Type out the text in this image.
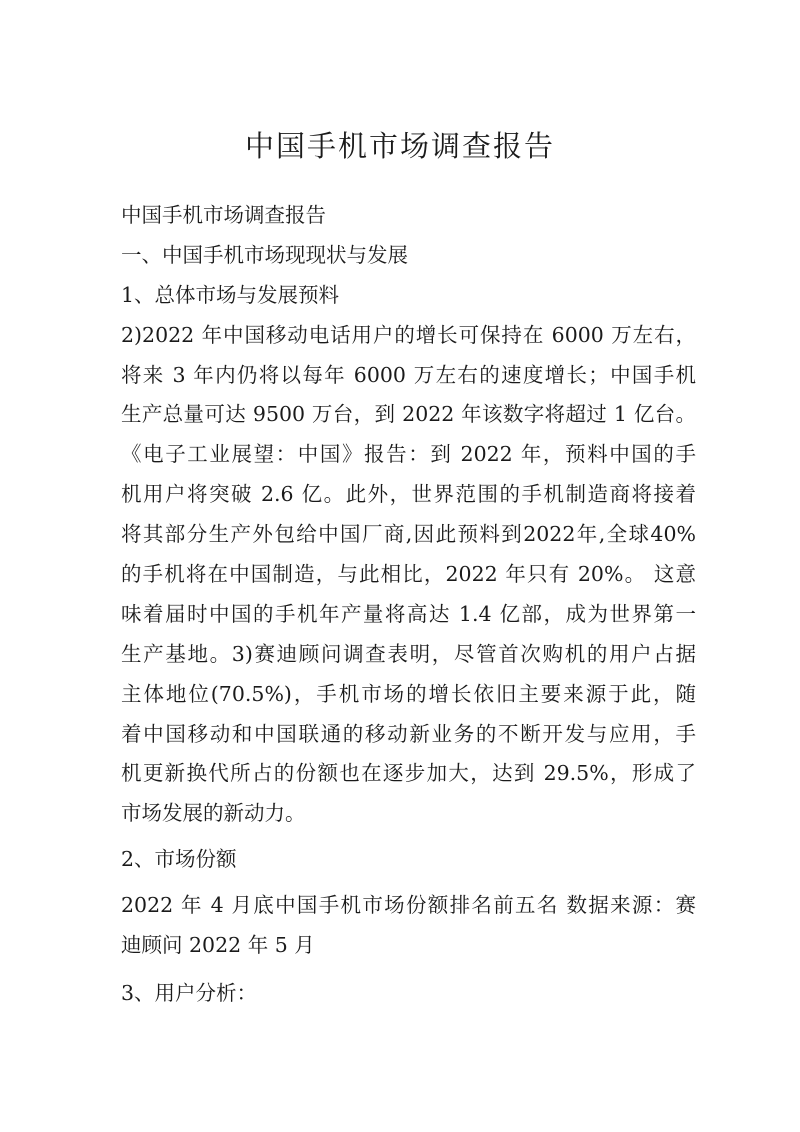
中国手机市场调查报告

中国手机市场调查报告

一、中国手机市场现现状与发展

1、总体市场与发展预料

2)2022 年中国移动电话用户的增长可保持在 6000 万左右，

将来 3 年内仍将以每年 6000 万左右的速度增长；中国手机

生产总量可达 9500 万台，到 2022 年该数字将超过 1 亿台。

《电子工业展望：中国》报告：到 2022 年，预料中国的手

机用户将突破 2.6 亿。此外，世界范围的手机制造商将接着

将其部分生产外包给中国厂商,因此预料到2022年,全球40%

的手机将在中国制造，与此相比，2022 年只有 20%。 这意

味着届时中国的手机年产量将高达 1.4 亿部，成为世界第一

生产基地。3)赛迪顾问调查表明，尽管首次购机的用户占据

主体地位(70.5%)，手机市场的增长依旧主要来源于此，随

着中国移动和中国联通的移动新业务的不断开发与应用，手

机更新换代所占的份额也在逐步加大，达到 29.5%，形成了

市场发展的新动力。

2、市场份额

2022 年 4 月底中国手机市场份额排名前五名 数据来源：赛

迪顾问 2022 年 5 月

3、用户分析：
